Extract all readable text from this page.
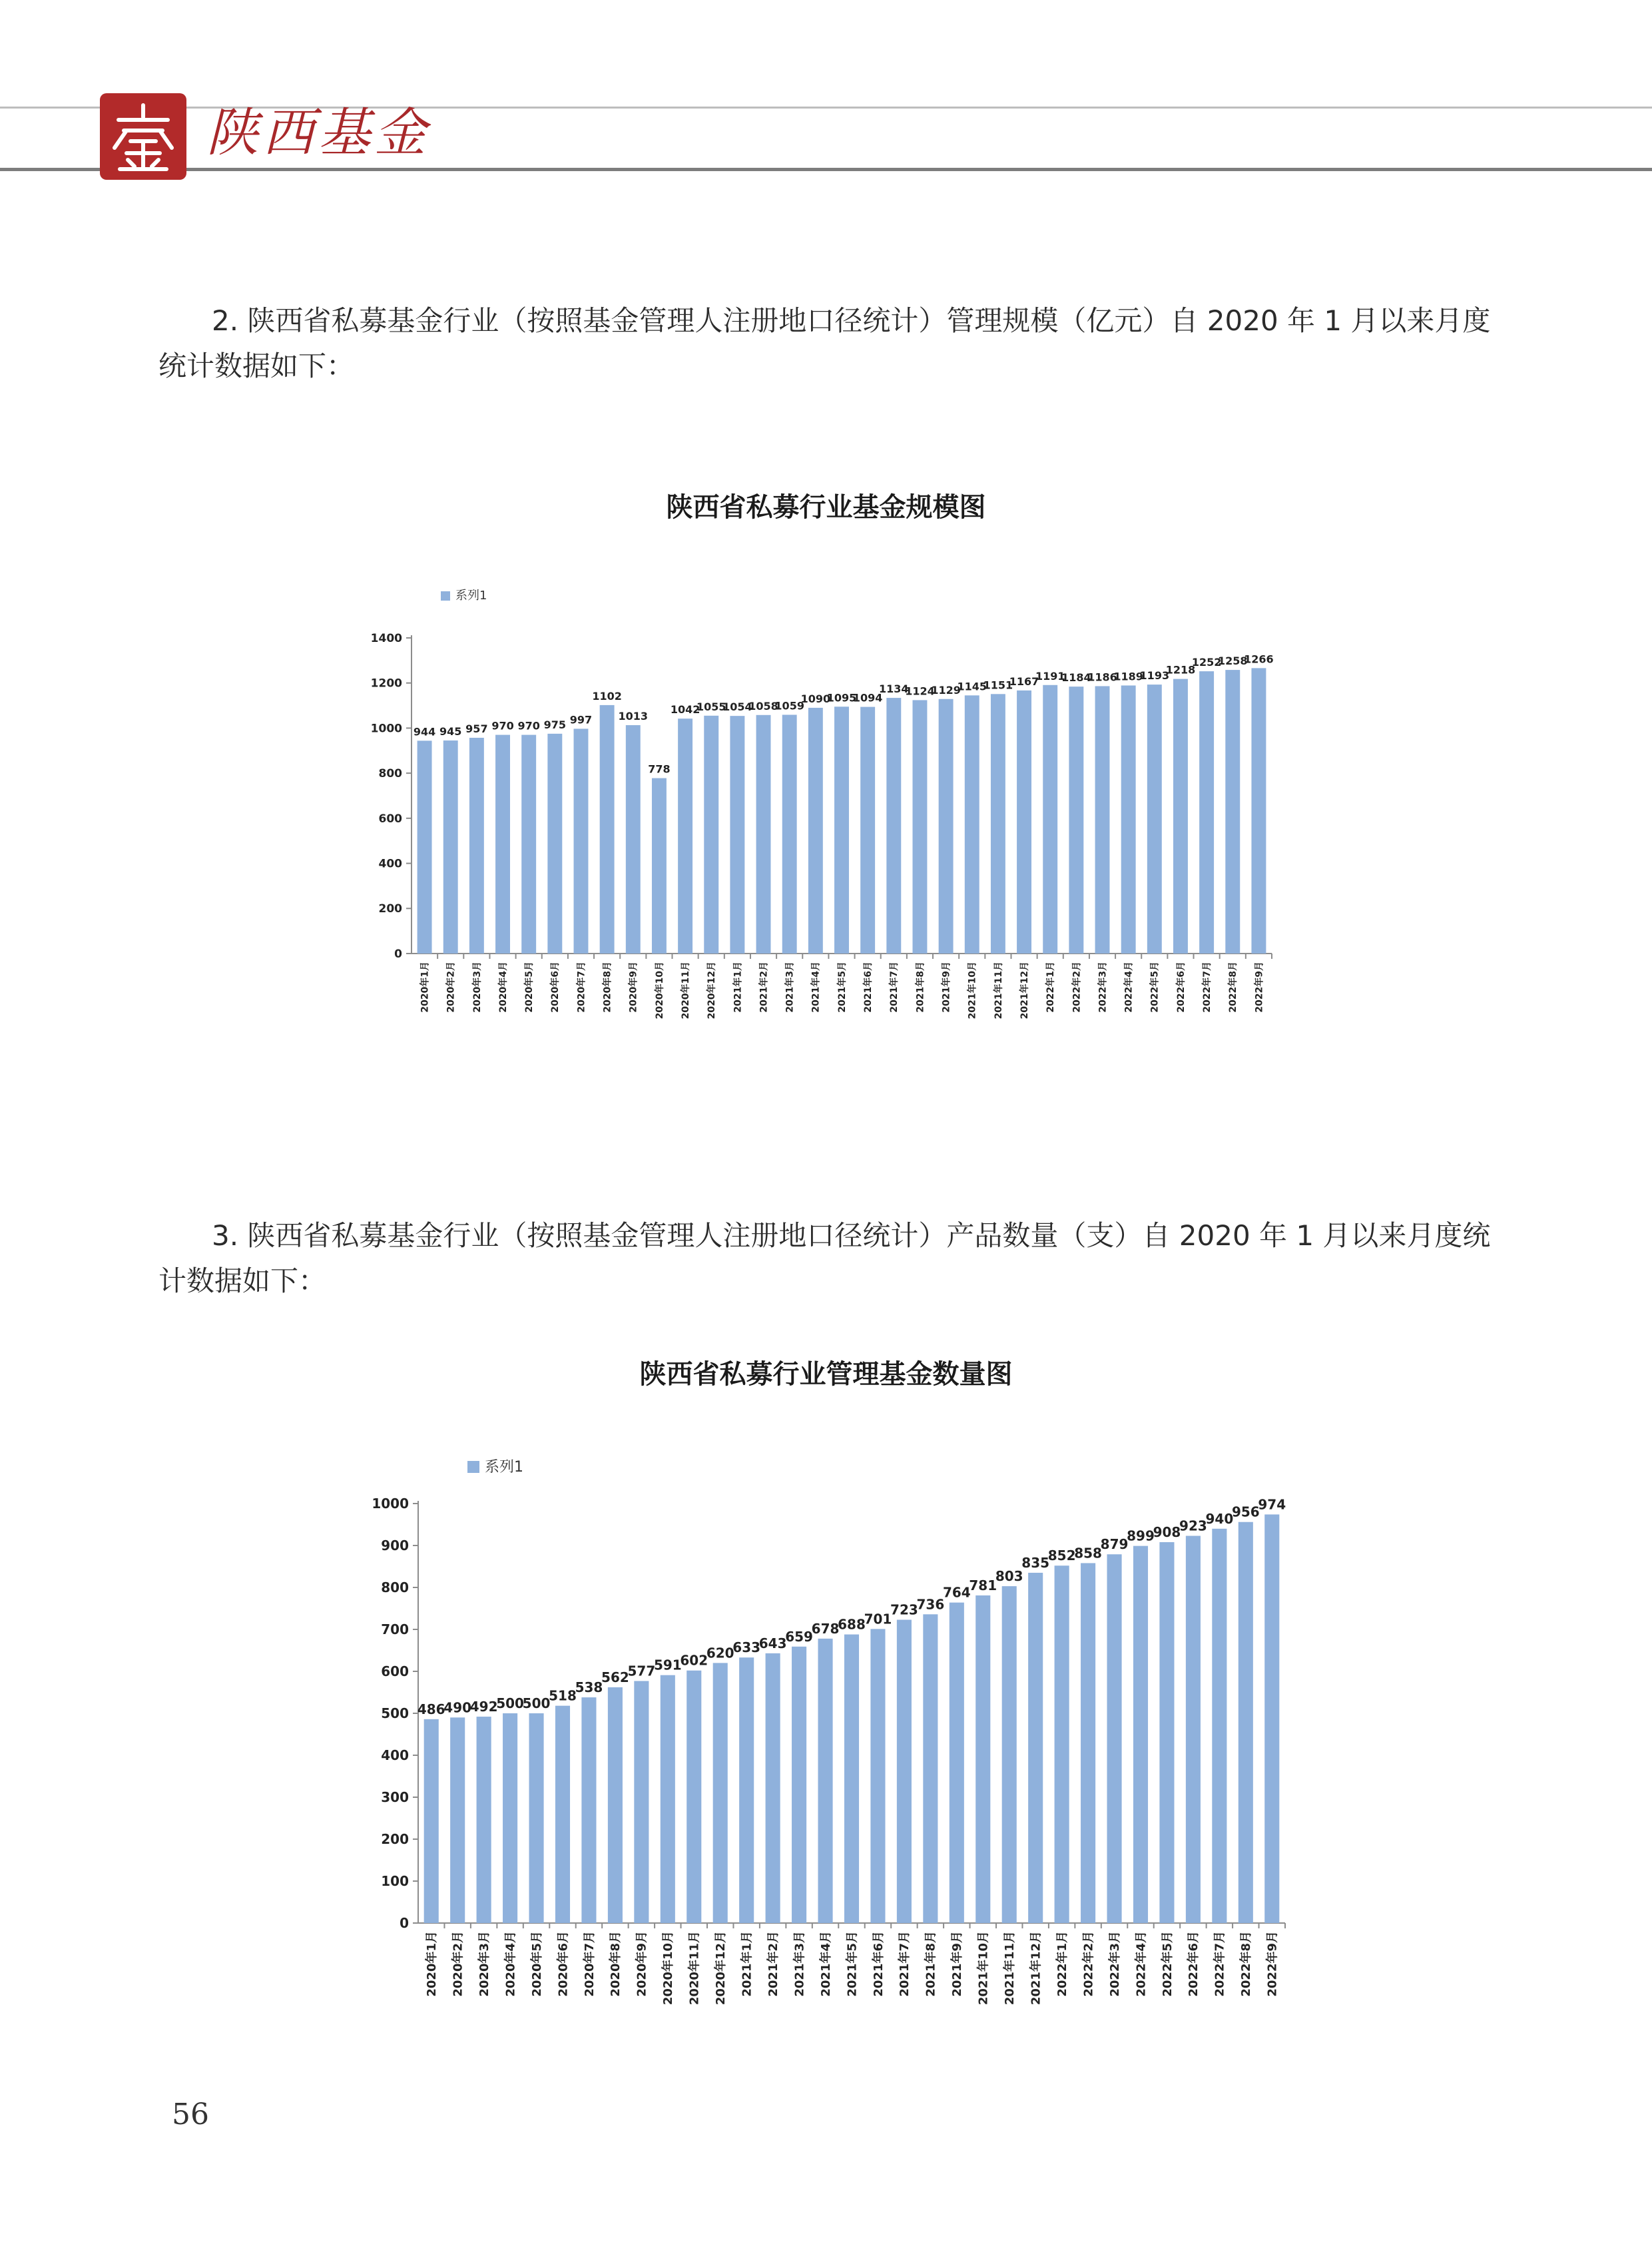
陕西基金
2. 陕西省私募基金行业（按照基金管理人注册地口径统计）管理规模（亿元）自 2020 年 1 月以来月度统计数据如下：
陕西省私募行业基金规模图
系列1
0
200
400
600
800
1000
1200
1400
944
2020年1月
945
2020年2月
957
2020年3月
970
2020年4月
970
2020年5月
975
2020年6月
997
2020年7月
1102
2020年8月
1013
2020年9月
778
2020年10月
1042
2020年11月
1055
2020年12月
1054
2021年1月
1058
2021年2月
1059
2021年3月
1090
2021年4月
1095
2021年5月
1094
2021年6月
1134
2021年7月
1124
2021年8月
1129
2021年9月
1145
2021年10月
1151
2021年11月
1167
2021年12月
1191
2022年1月
1184
2022年2月
1186
2022年3月
1189
2022年4月
1193
2022年5月
1218
2022年6月
1252
2022年7月
1258
2022年8月
1266
2022年9月
3. 陕西省私募基金行业（按照基金管理人注册地口径统计）产品数量（支）自 2020 年 1 月以来月度统计数据如下：
陕西省私募行业管理基金数量图
系列1
0
100
200
300
400
500
600
700
800
900
1000
486
2020年1月
490
2020年2月
492
2020年3月
500
2020年4月
500
2020年5月
518
2020年6月
538
2020年7月
562
2020年8月
577
2020年9月
591
2020年10月
602
2020年11月
620
2020年12月
633
2021年1月
643
2021年2月
659
2021年3月
678
2021年4月
688
2021年5月
701
2021年6月
723
2021年7月
736
2021年8月
764
2021年9月
781
2021年10月
803
2021年11月
835
2021年12月
852
2022年1月
858
2022年2月
879
2022年3月
899
2022年4月
908
2022年5月
923
2022年6月
940
2022年7月
956
2022年8月
974
2022年9月
56
